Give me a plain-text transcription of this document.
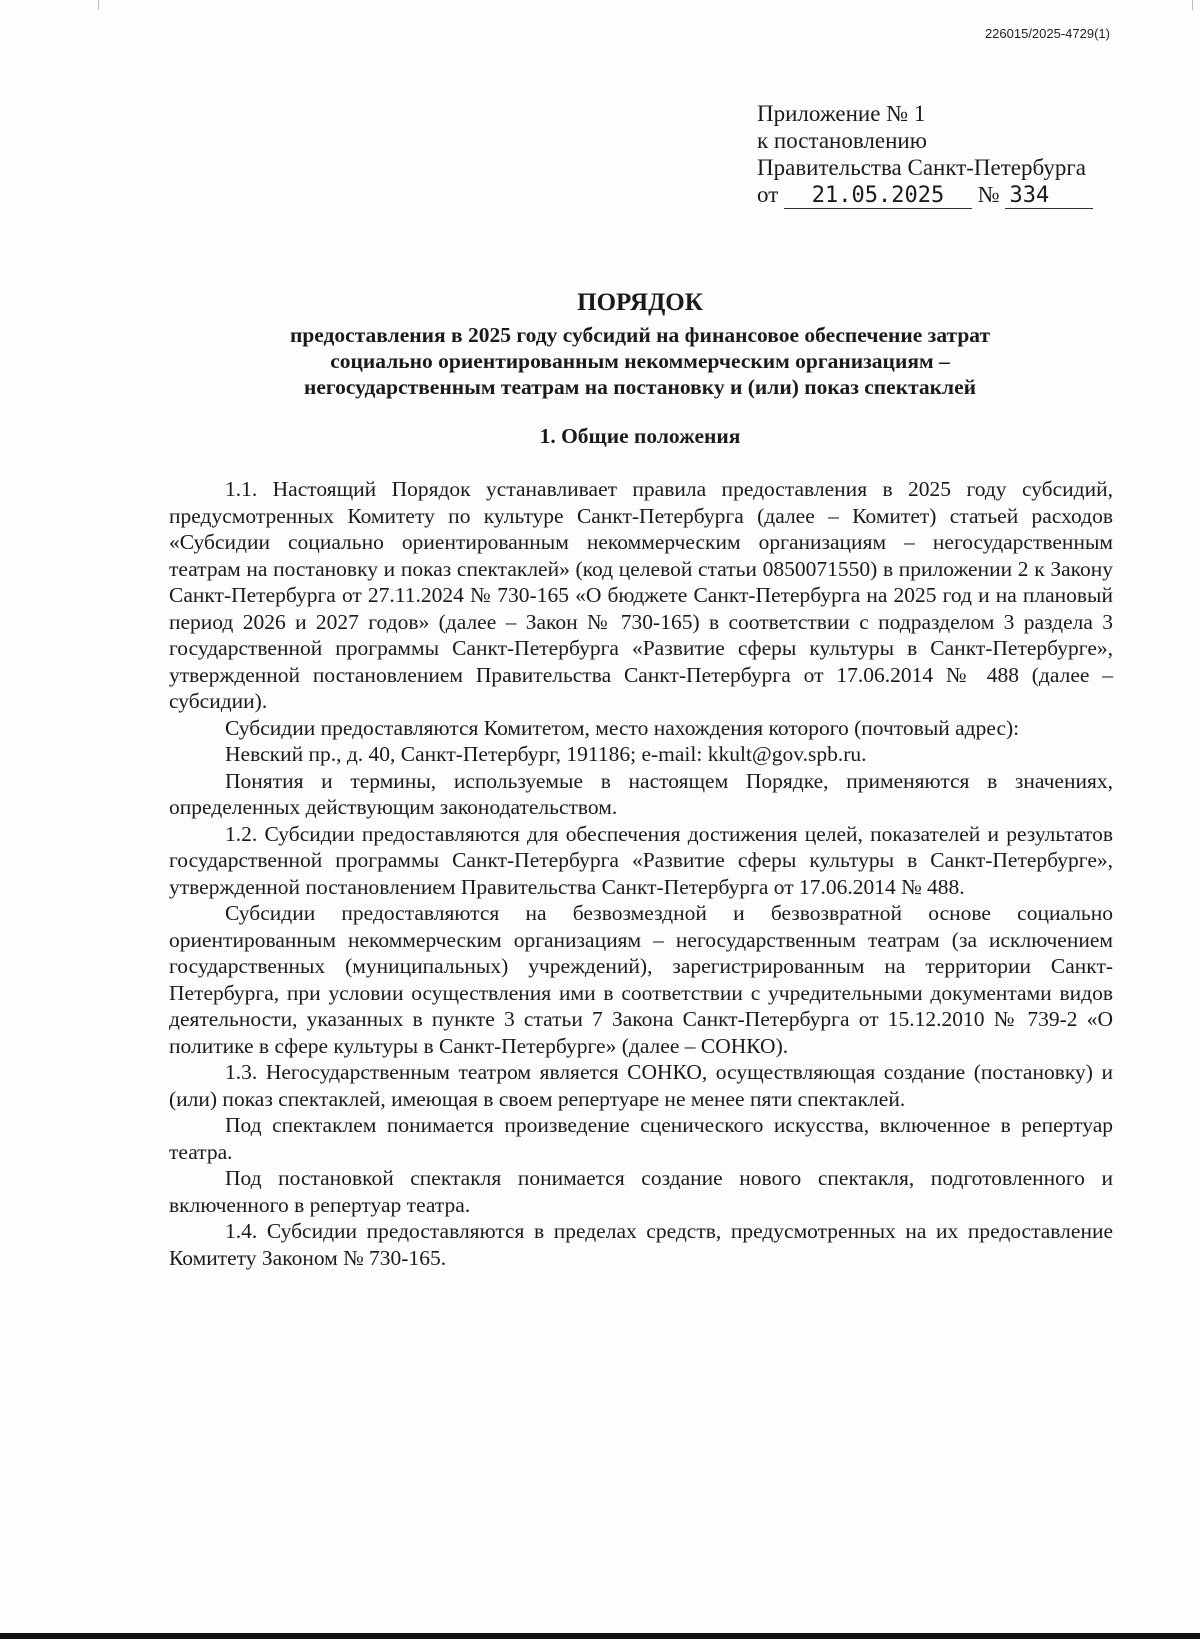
226015/2025-4729(1)
Приложение № 1
к постановлению
Правительства Санкт-Петербурга
от 21.05.2025 № 334
ПОРЯДОК
предоставления в 2025 году субсидий на финансовое обеспечение затрат
социально ориентированным некоммерческим организациям –
негосударственным театрам на постановку и (или) показ спектаклей
1. Общие положения

1.1. Настоящий Порядок устанавливает правила предоставления в 2025 году субсидий, предусмотренных Комитету по культуре Санкт-Петербурга (далее – Комитет) статьей расходов «Субсидии социально ориентированным некоммерческим организациям – негосударственным театрам на постановку и показ спектаклей» (код целевой статьи 0850071550) в приложении 2 к Закону Санкт-Петербурга от 27.11.2024 № 730-165 «О бюджете Санкт-Петербурга на 2025 год и на плановый период 2026 и 2027 годов» (далее – Закон № 730-165) в соответствии с подразделом 3 раздела 3 государственной программы Санкт-Петербурга «Развитие сферы культуры в Санкт-Петербурге», утвержденной постановлением Правительства Санкт-Петербурга от 17.06.2014 № 488 (далее – субсидии).

Субсидии предоставляются Комитетом, место нахождения которого (почтовый адрес):

Невский пр., д. 40, Санкт-Петербург, 191186; e-mail: kkult@gov.spb.ru.

Понятия и термины, используемые в настоящем Порядке, применяются в значениях, определенных действующим законодательством.

1.2. Субсидии предоставляются для обеспечения достижения целей, показателей и результатов государственной программы Санкт-Петербурга «Развитие сферы культуры в Санкт-Петербурге», утвержденной постановлением Правительства Санкт-Петербурга от 17.06.2014 № 488.

Субсидии предоставляются на безвозмездной и безвозвратной основе социально ориентированным некоммерческим организациям – негосударственным театрам (за исключением государственных (муниципальных) учреждений), зарегистрированным на территории Санкт-Петербурга, при условии осуществления ими в соответствии с учредительными документами видов деятельности, указанных в пункте 3 статьи 7 Закона Санкт-Петербурга от 15.12.2010 № 739-2 «О политике в сфере культуры в Санкт-Петербурге» (далее – СОНКО).

1.3. Негосударственным театром является СОНКО, осуществляющая создание (постановку) и (или) показ спектаклей, имеющая в своем репертуаре не менее пяти спектаклей.

Под спектаклем понимается произведение сценического искусства, включенное в репертуар театра.

Под постановкой спектакля понимается создание нового спектакля, подготовленного и включенного в репертуар театра.

1.4. Субсидии предоставляются в пределах средств, предусмотренных на их предоставление Комитету Законом № 730-165.
